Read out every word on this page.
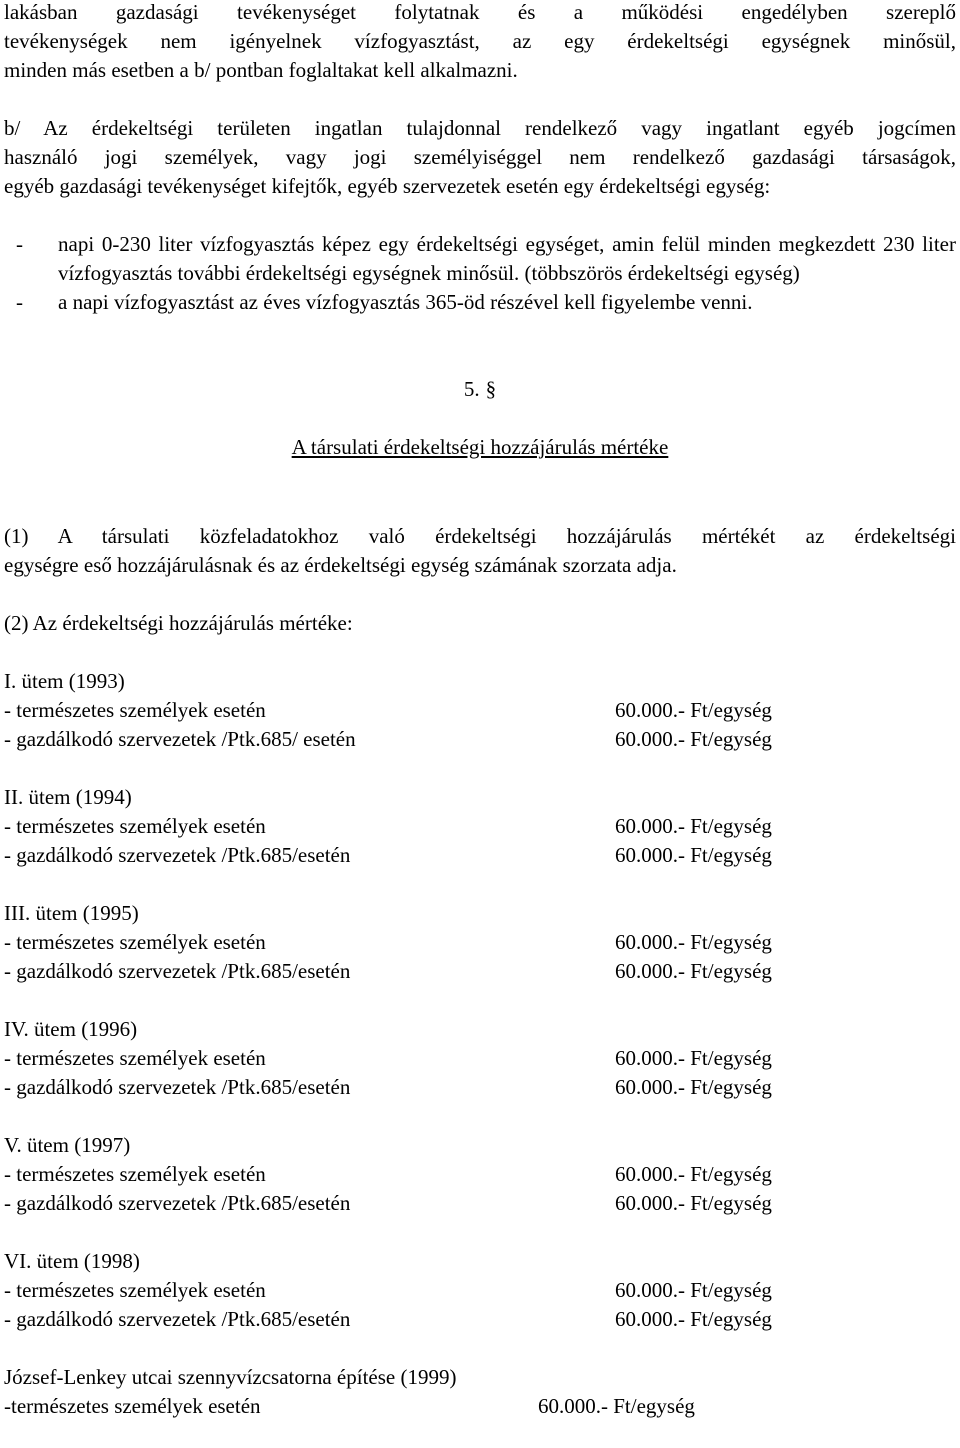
lakásban gazdasági tevékenységet folytatnak és a működési engedélyben szereplő
tevékenységek nem igényelnek vízfogyasztást, az egy érdekeltségi egységnek minősül,
minden más esetben a b/ pontban foglaltakat kell alkalmazni.
b/ Az érdekeltségi területen ingatlan tulajdonnal rendelkező vagy ingatlant egyéb jogcímen
használó jogi személyek, vagy jogi személyiséggel nem rendelkező gazdasági társaságok,
egyéb gazdasági tevékenységet kifejtők, egyéb szervezetek esetén egy érdekeltségi egység:
- napi 0-230 liter vízfogyasztás képez egy érdekeltségi egységet, amin felül minden megkezdett 230 liter vízfogyasztás további érdekeltségi egységnek minősül. (többszörös érdekeltségi egység)
- a napi vízfogyasztást az éves vízfogyasztás 365-öd részével kell figyelembe venni.
5. §
A társulati érdekeltségi hozzájárulás mértéke
(1) A társulati közfeladatokhoz való érdekeltségi hozzájárulás mértékét az érdekeltségi
egységre eső hozzájárulásnak és az érdekeltségi egység számának szorzata adja.
(2) Az érdekeltségi hozzájárulás mértéke:
I. ütem (1993)
- természetes személyek esetén	60.000.- Ft/egység
- gazdálkodó szervezetek /Ptk.685/ esetén	60.000.- Ft/egység
II. ütem (1994)
- természetes személyek esetén	60.000.- Ft/egység
- gazdálkodó szervezetek /Ptk.685/esetén	60.000.- Ft/egység
III. ütem (1995)
- természetes személyek esetén	60.000.- Ft/egység
- gazdálkodó szervezetek /Ptk.685/esetén	60.000.- Ft/egység
IV. ütem (1996)
- természetes személyek esetén	60.000.- Ft/egység
- gazdálkodó szervezetek /Ptk.685/esetén	60.000.- Ft/egység
V. ütem (1997)
- természetes személyek esetén	60.000.- Ft/egység
- gazdálkodó szervezetek /Ptk.685/esetén	60.000.- Ft/egység
VI. ütem (1998)
- természetes személyek esetén	60.000.- Ft/egység
- gazdálkodó szervezetek /Ptk.685/esetén	60.000.- Ft/egység
József-Lenkey utcai szennyvízcsatorna építése (1999)
-természetes személyek esetén	60.000.- Ft/egység
